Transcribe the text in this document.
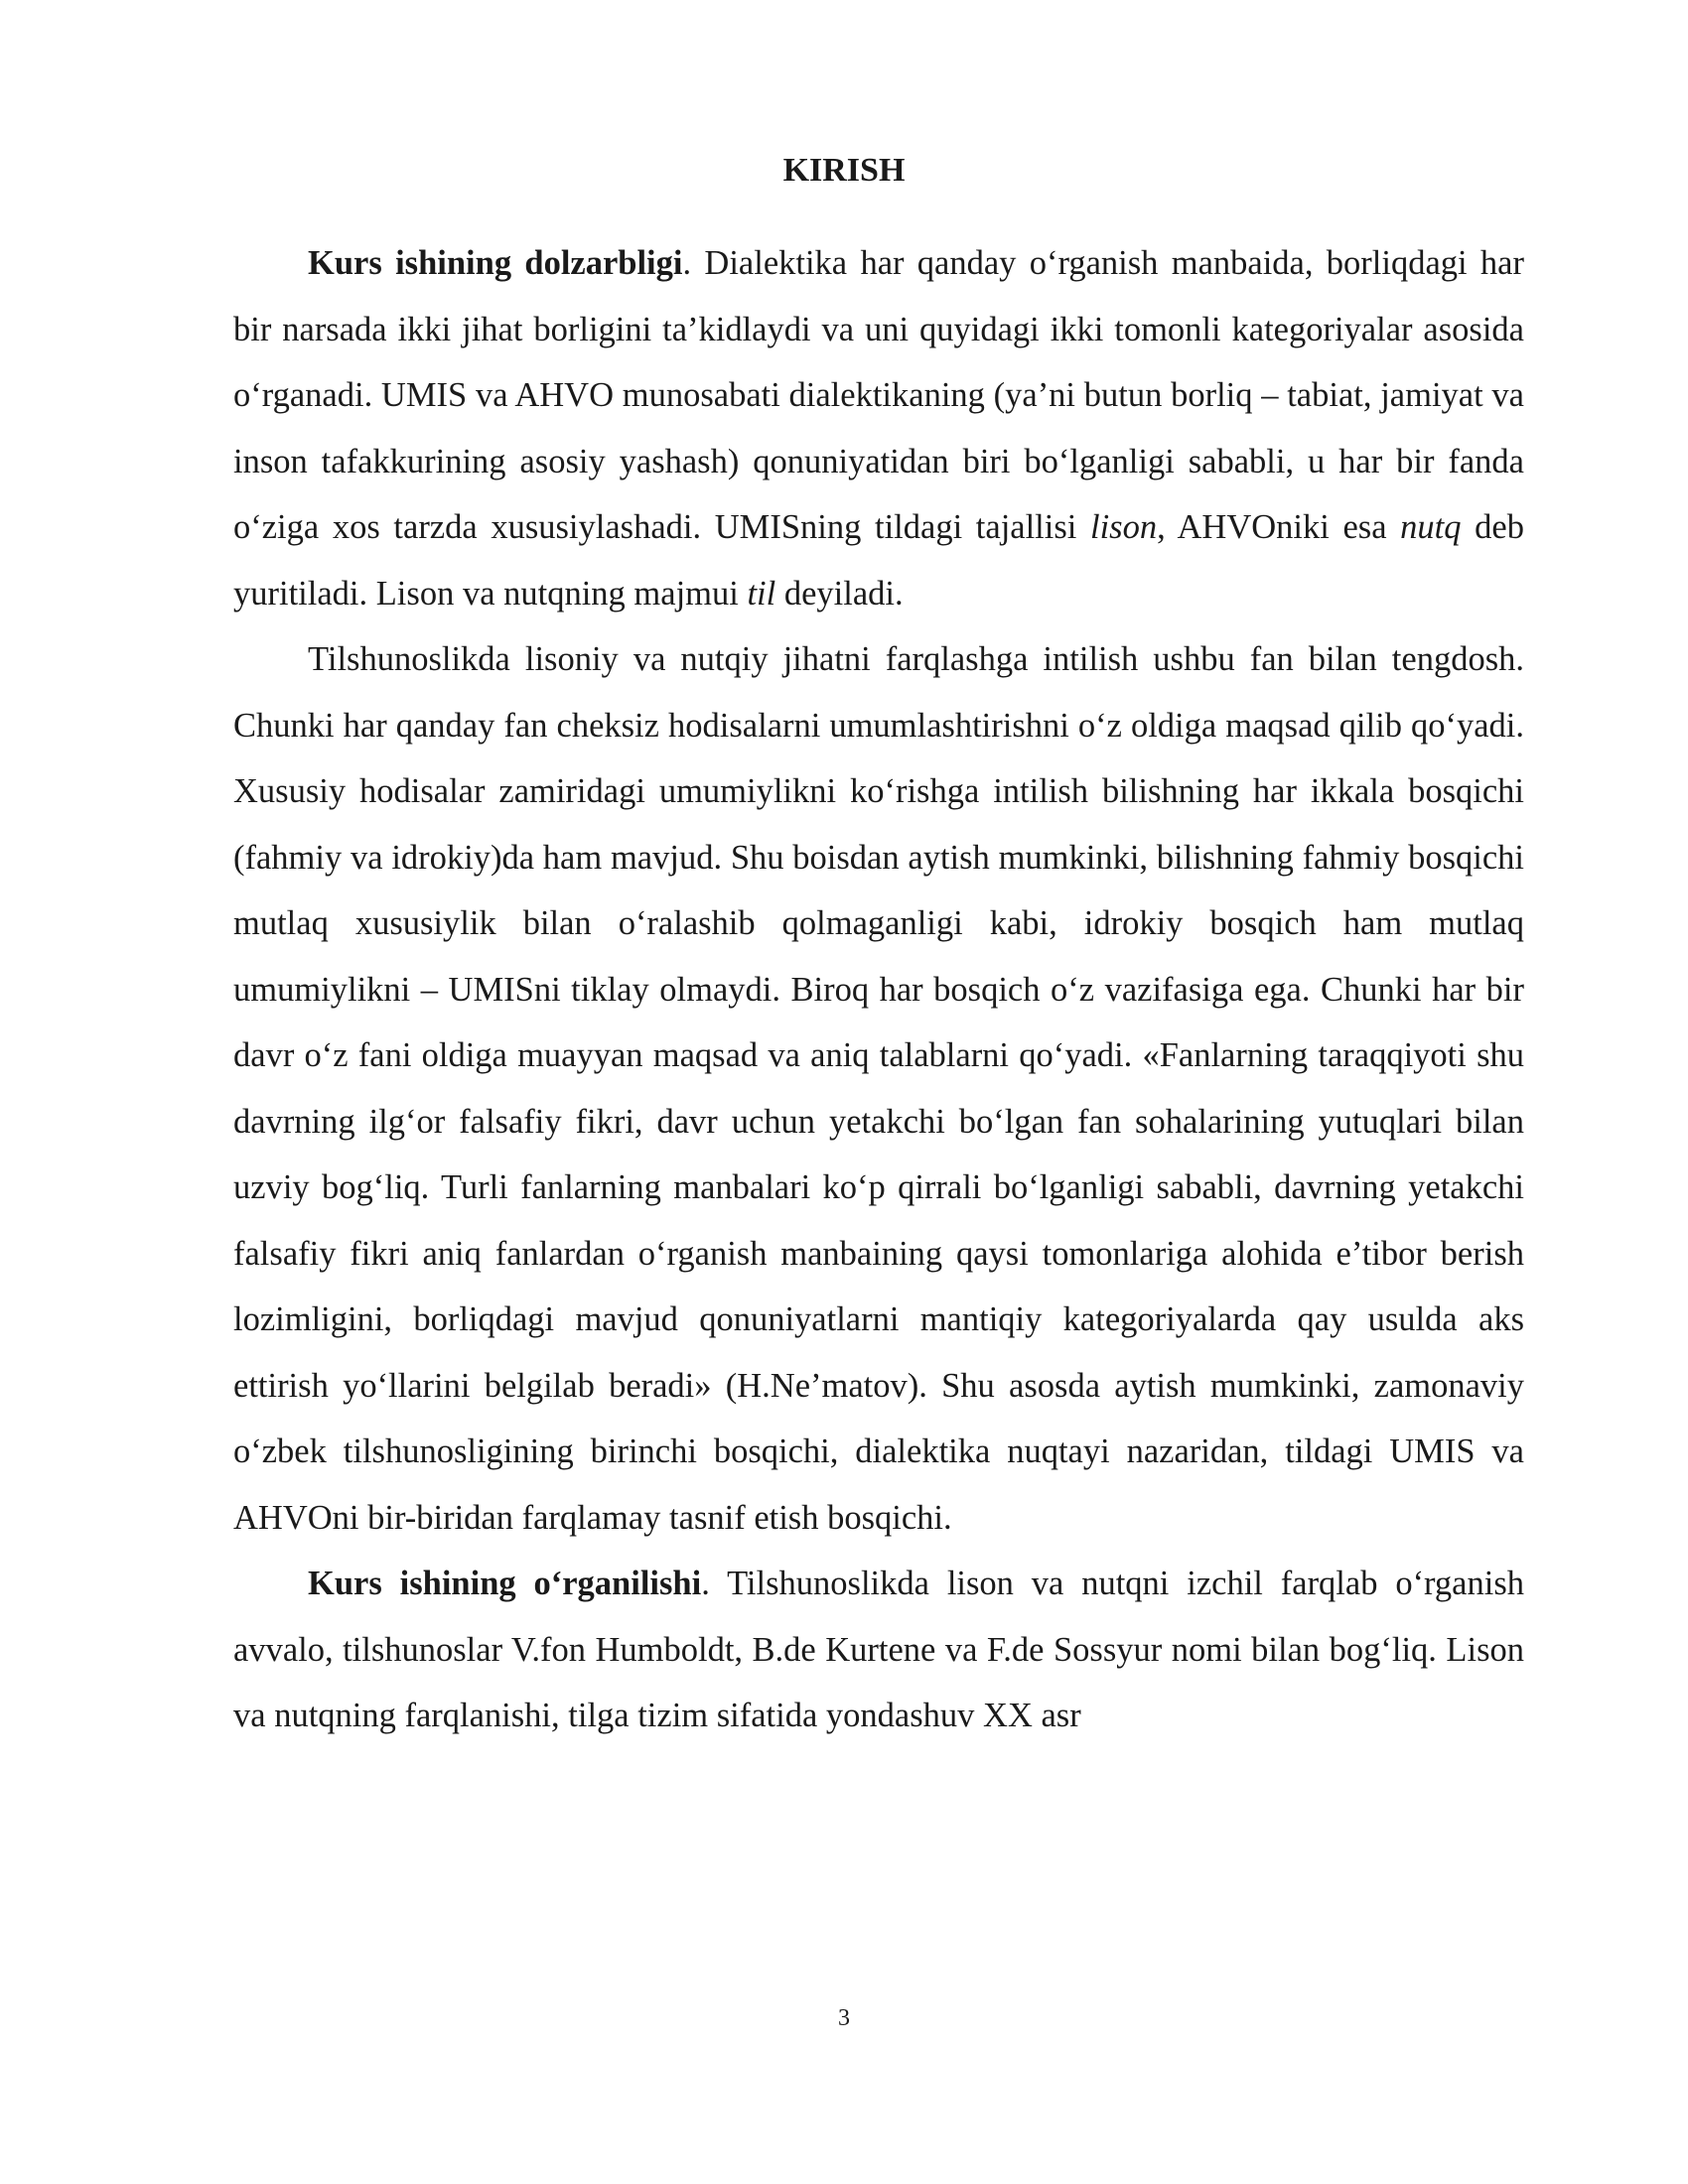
KIRISH

Kurs ishining dolzarbligi. Dialektika har qanday o‘rganish manbaida, borliqdagi har bir narsada ikki jihat borligini ta’kidlaydi va uni quyidagi ikki tomonli kategoriyalar asosida o‘rganadi. UMIS va AHVO munosabati dialektikaning (ya’ni butun borliq – tabiat, jamiyat va inson tafakkurining asosiy yashash) qonuniyatidan biri bo‘lganligi sababli, u har bir fanda o‘ziga xos tarzda xususiylashadi. UMISning tildagi tajallisi lison, AHVOniki esa nutq deb yuritiladi. Lison va nutqning majmui til deyiladi.

Tilshunoslikda lisoniy va nutqiy jihatni farqlashga intilish ushbu fan bilan tengdosh. Chunki har qanday fan cheksiz hodisalarni umumlashtirishni o‘z oldiga maqsad qilib qo‘yadi. Xususiy hodisalar zamiridagi umumiylikni ko‘rishga intilish bilishning har ikkala bosqichi (fahmiy va idrokiy)da ham mavjud. Shu boisdan aytish mumkinki, bilishning fahmiy bosqichi mutlaq xususiylik bilan o‘ralashib qolmaganligi kabi, idrokiy bosqich ham mutlaq umumiylikni – UMISni tiklay olmaydi. Biroq har bosqich o‘z vazifasiga ega. Chunki har bir davr o‘z fani oldiga muayyan maqsad va aniq talablarni qo‘yadi. «Fanlarning taraqqiyoti shu davrning ilg‘or falsafiy fikri, davr uchun yetakchi bo‘lgan fan sohalarining yutuqlari bilan uzviy bog‘liq. Turli fanlarning manbalari ko‘p qirrali bo‘lganligi sababli, davrning yetakchi falsafiy fikri aniq fanlardan o‘rganish manbaining qaysi tomonlariga alohida e’tibor berish lozimligini, borliqdagi mavjud qonuniyatlarni mantiqiy kategoriyalarda qay usulda aks ettirish yo‘llarini belgilab beradi» (H.Ne’matov). Shu asosda aytish mumkinki, zamonaviy o‘zbek tilshunosligining birinchi bosqichi, dialektika nuqtayi nazaridan, tildagi UMIS va AHVOni bir-biridan farqlamay tasnif etish bosqichi.

Kurs ishining o‘rganilishi. Tilshunoslikda lison va nutqni izchil farqlab o‘rganish avvalo, tilshunoslar V.fon Humboldt, B.de Kurtene va F.de Sossyur nomi bilan bog‘liq. Lison va nutqning farqlanishi, tilga tizim sifatida yondashuv XX asr

3
